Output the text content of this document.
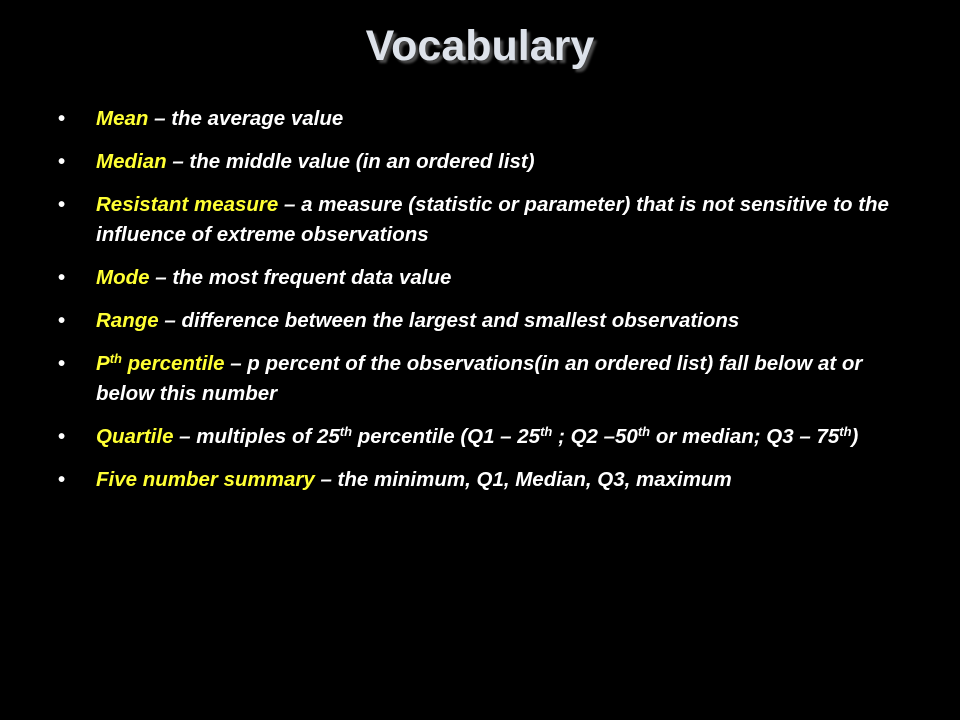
Vocabulary
• Mean – the average value
• Median – the middle value (in an ordered list)
• Resistant measure – a measure (statistic or parameter) that is not sensitive to the influence of extreme observations
• Mode – the most frequent data value
• Range – difference between the largest and smallest observations
• $P^{th}$ percentile – p percent of the observations(in an ordered list) fall below at or below this number
• Quartile – multiples of 25th percentile (Q1 – 25th ; Q2 –50th or median; Q3 – 75th)
• Five number summary – the minimum, Q1, Median, Q3, maximum
